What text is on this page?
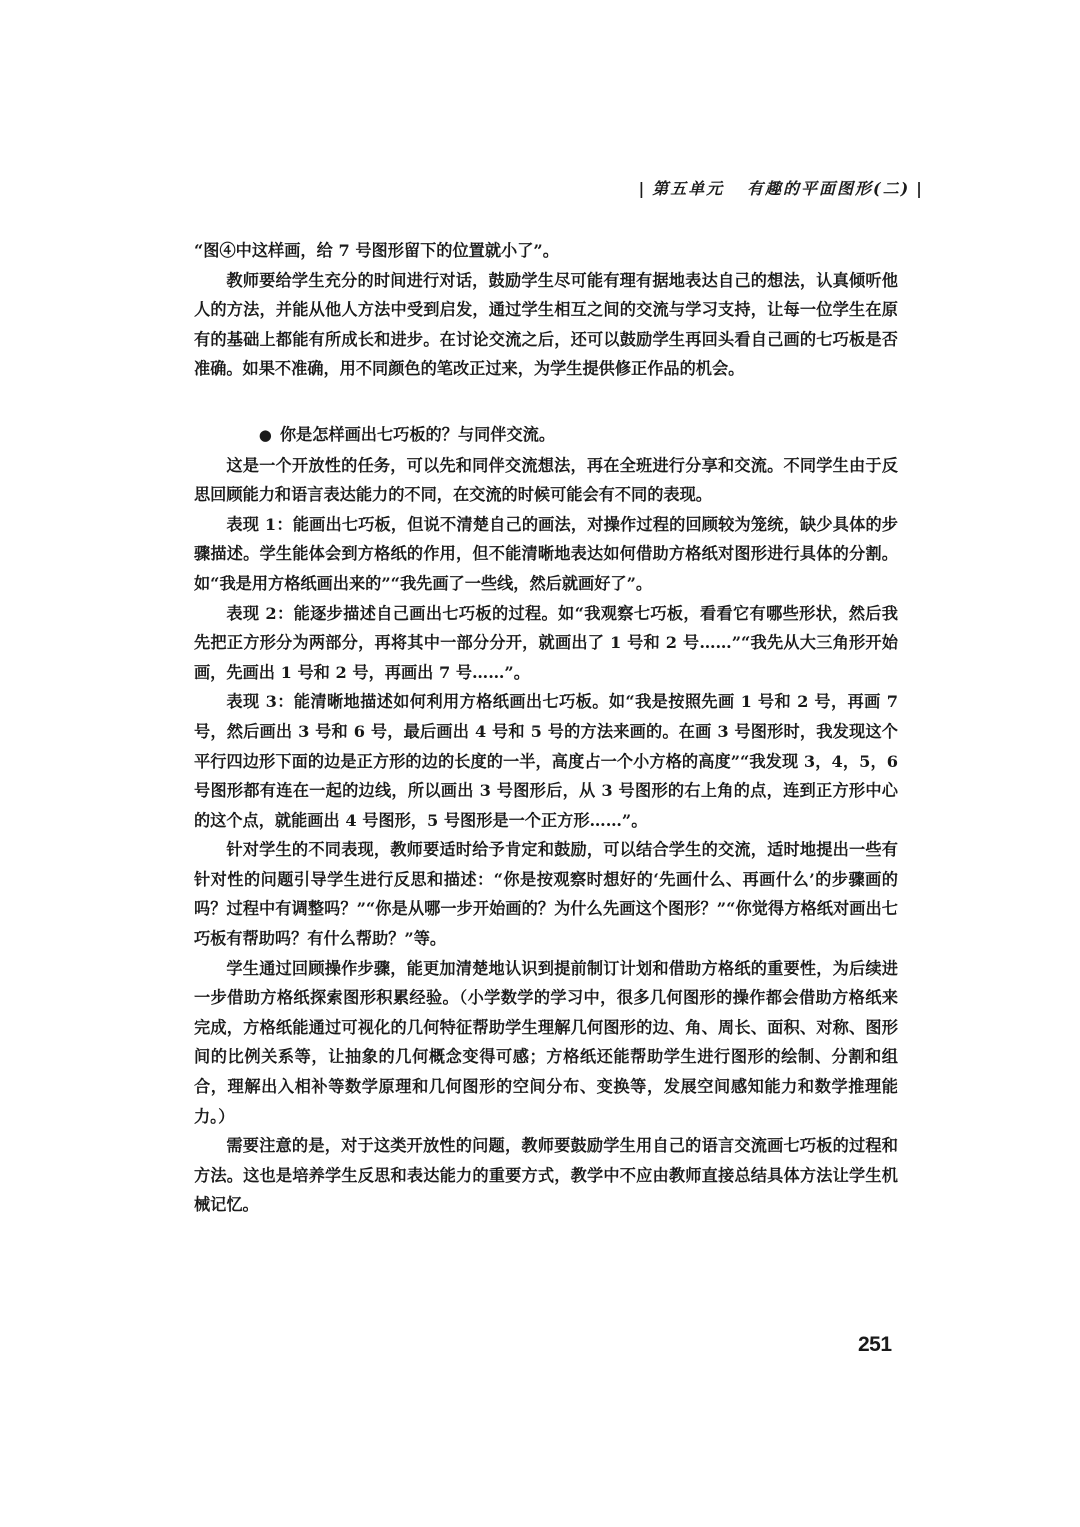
| 第五单元 有趣的平面图形(二) |

“图④中这样画，给 7 号图形留下的位置就小了”。

教师要给学生充分的时间进行对话，鼓励学生尽可能有理有据地表达自己的想法，认真倾听他人的方法，并能从他人方法中受到启发，通过学生相互之间的交流与学习支持，让每一位学生在原有的基础上都能有所成长和进步。在讨论交流之后，还可以鼓励学生再回头看自己画的七巧板是否准确。如果不准确，用不同颜色的笔改正过来，为学生提供修正作品的机会。

● 你是怎样画出七巧板的？与同伴交流。

这是一个开放性的任务，可以先和同伴交流想法，再在全班进行分享和交流。不同学生由于反思回顾能力和语言表达能力的不同，在交流的时候可能会有不同的表现。

表现 1：能画出七巧板，但说不清楚自己的画法，对操作过程的回顾较为笼统，缺少具体的步骤描述。学生能体会到方格纸的作用，但不能清晰地表达如何借助方格纸对图形进行具体的分割。如“我是用方格纸画出来的”“我先画了一些线，然后就画好了”。

表现 2：能逐步描述自己画出七巧板的过程。如“我观察七巧板，看看它有哪些形状，然后我先把正方形分为两部分，再将其中一部分分开，就画出了 1 号和 2 号……”“我先从大三角形开始画，先画出 1 号和 2 号，再画出 7 号……”。

表现 3：能清晰地描述如何利用方格纸画出七巧板。如“我是按照先画 1 号和 2 号，再画 7 号，然后画出 3 号和 6 号，最后画出 4 号和 5 号的方法来画的。在画 3 号图形时，我发现这个平行四边形下面的边是正方形的边的长度的一半，高度占一个小方格的高度”“我发现 3，4，5，6 号图形都有连在一起的边线，所以画出 3 号图形后，从 3 号图形的右上角的点，连到正方形中心的这个点，就能画出 4 号图形，5 号图形是一个正方形……”。

针对学生的不同表现，教师要适时给予肯定和鼓励，可以结合学生的交流，适时地提出一些有针对性的问题引导学生进行反思和描述：“你是按观察时想好的‘先画什么、再画什么’的步骤画的吗？过程中有调整吗？”“你是从哪一步开始画的？为什么先画这个图形？”“你觉得方格纸对画出七巧板有帮助吗？有什么帮助？”等。

学生通过回顾操作步骤，能更加清楚地认识到提前制订计划和借助方格纸的重要性，为后续进一步借助方格纸探索图形积累经验。（小学数学的学习中，很多几何图形的操作都会借助方格纸来完成，方格纸能通过可视化的几何特征帮助学生理解几何图形的边、角、周长、面积、对称、图形间的比例关系等，让抽象的几何概念变得可感；方格纸还能帮助学生进行图形的绘制、分割和组合，理解出入相补等数学原理和几何图形的空间分布、变换等，发展空间感知能力和数学推理能力。）

需要注意的是，对于这类开放性的问题，教师要鼓励学生用自己的语言交流画七巧板的过程和方法。这也是培养学生反思和表达能力的重要方式，教学中不应由教师直接总结具体方法让学生机械记忆。

251
